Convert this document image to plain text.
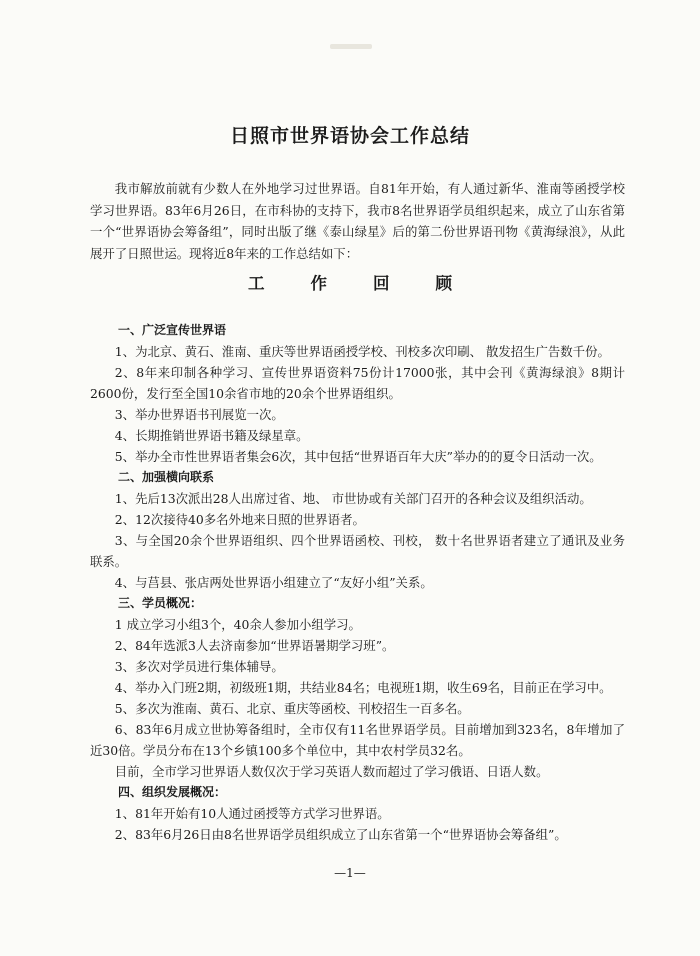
日照市世界语协会工作总结

我市解放前就有少数人在外地学习过世界语。自81年开始，有人通过新华、淮南等函授学校学习世界语。83年6月26日，在市科协的支持下，我市8名世界语学员组织起来，成立了山东省第一个“世界语协会筹备组”，同时出版了继《泰山绿星》后的第二份世界语刊物《黄海绿浪》，从此展开了日照世运。现将近8年来的工作总结如下：

工作回顾
一、广泛宣传世界语
1、为北京、黄石、淮南、重庆等世界语函授学校、刊校多次印刷、 散发招生广告数千份。
2、8年来印制各种学习、宣传世界语资料75份计17000张，其中会刊《黄海绿浪》8期计2600份，发行至全国10余省市地的20余个世界语组织。
3、举办世界语书刊展览一次。
4、长期推销世界语书籍及绿星章。
5、举办全市性世界语者集会6次，其中包括“世界语百年大庆”举办的的夏令日活动一次。
二、加强横向联系
1、先后13次派出28人出席过省、地、 市世协或有关部门召开的各种会议及组织活动。
2、12次接待40多名外地来日照的世界语者。
3、与全国20余个世界语组织、四个世界语函校、刊校， 数十名世界语者建立了通讯及业务联系。
4、与莒县、张店两处世界语小组建立了“友好小组”关系。
三、学员概况：
1 成立学习小组3个，40余人参加小组学习。
2、84年选派3人去济南参加“世界语暑期学习班”。
3、多次对学员进行集体辅导。
4、举办入门班2期，初级班1期，共结业84名；电视班1期，收生69名，目前正在学习中。
5、多次为淮南、黄石、北京、重庆等函校、刊校招生一百多名。
6、83年6月成立世协筹备组时，全市仅有11名世界语学员。目前增加到323名，8年增加了近30倍。学员分布在13个乡镇100多个单位中，其中农村学员32名。
目前，全市学习世界语人数仅次于学习英语人数而超过了学习俄语、日语人数。
四、组织发展概况：
1、81年开始有10人通过函授等方式学习世界语。
2、83年6月26日由8名世界语学员组织成立了山东省第一个“世界语协会筹备组”。
—1—
